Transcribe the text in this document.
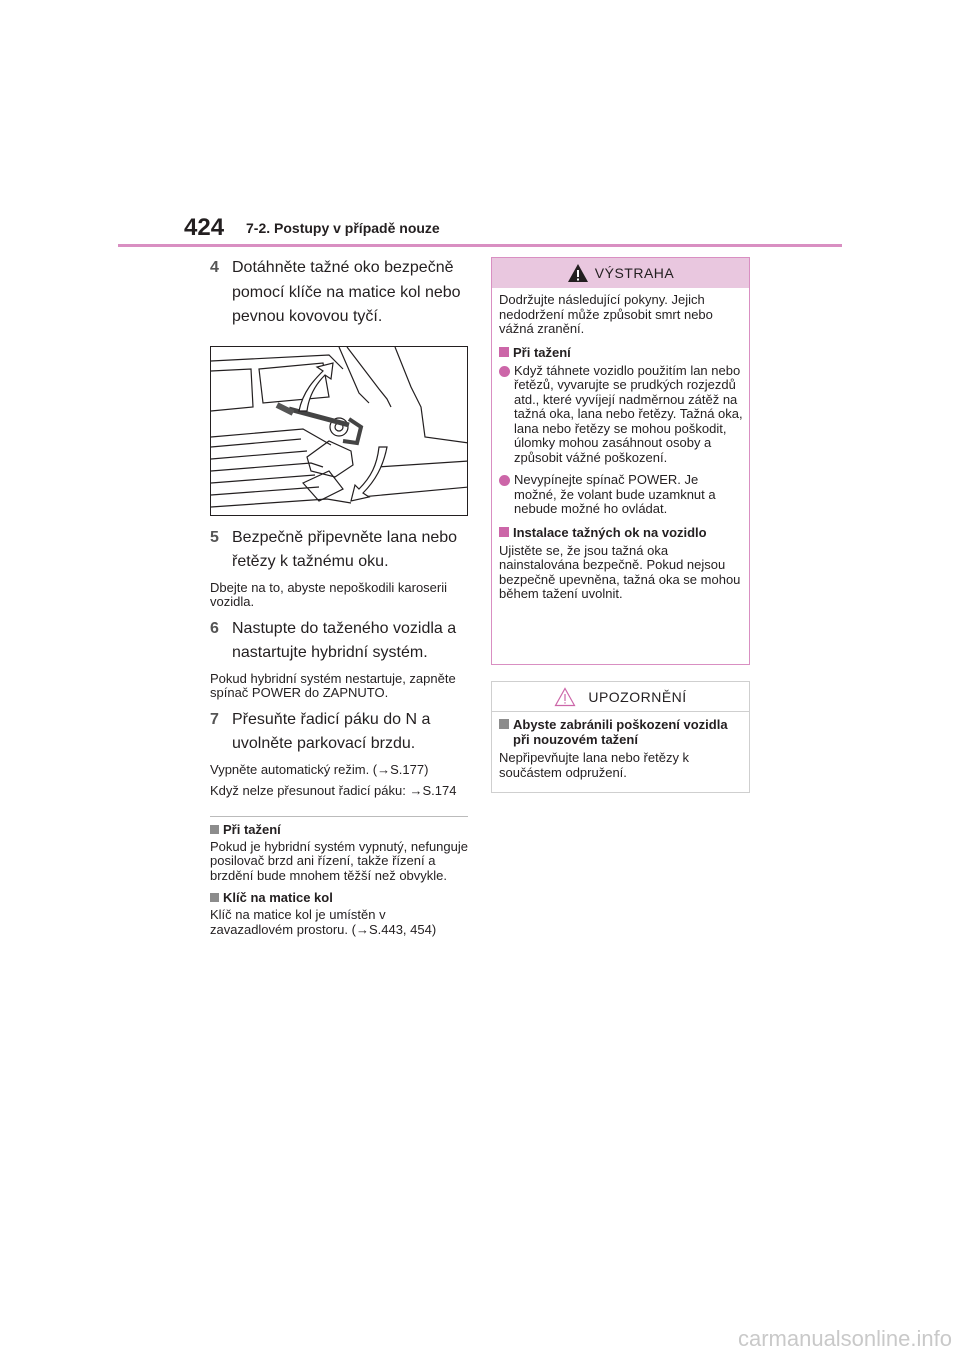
424 7-2. Postupy v případě nouze
4 Dotáhněte tažné oko bezpečně pomocí klíče na matice kol nebo pevnou kovovou tyčí.
5 Bezpečně připevněte lana nebo řetězy k tažnému oku.
Dbejte na to, abyste nepoškodili karoserii vozidla.
6 Nastupte do taženého vozidla a nastartujte hybridní systém.
Pokud hybridní systém nestartuje, zapněte spínač POWER do ZAPNUTO.
7 Přesuňte řadicí páku do N a uvolněte parkovací brzdu.
Vypněte automatický režim. (→S.177)
Když nelze přesunout řadicí páku: →S.174
Při tažení
Pokud je hybridní systém vypnutý, nefunguje posilovač brzd ani řízení, takže řízení a brzdění bude mnohem těžší než obvykle.
Klíč na matice kol
Klíč na matice kol je umístěn v zavazadlovém prostoru. (→S.443, 454)
VÝSTRAHA
Dodržujte následující pokyny. Jejich nedodržení může způsobit smrt nebo vážná zranění.
Při tažení
Když táhnete vozidlo použitím lan nebo řetězů, vyvarujte se prudkých rozjezdů atd., které vyvíjejí nadměrnou zátěž na tažná oka, lana nebo řetězy. Tažná oka, lana nebo řetězy se mohou poškodit, úlomky mohou zasáhnout osoby a způsobit vážné poškození.
Nevypínejte spínač POWER. Je možné, že volant bude uzamknut a nebude možné ho ovládat.
Instalace tažných ok na vozidlo
Ujistěte se, že jsou tažná oka nainstalována bezpečně. Pokud nejsou bezpečně upevněna, tažná oka se mohou během tažení uvolnit.
UPOZORNĚNÍ
Abyste zabránili poškození vozidla při nouzovém tažení
Nepřipevňujte lana nebo řetězy k součástem odpružení.
carmanualsonline.info
